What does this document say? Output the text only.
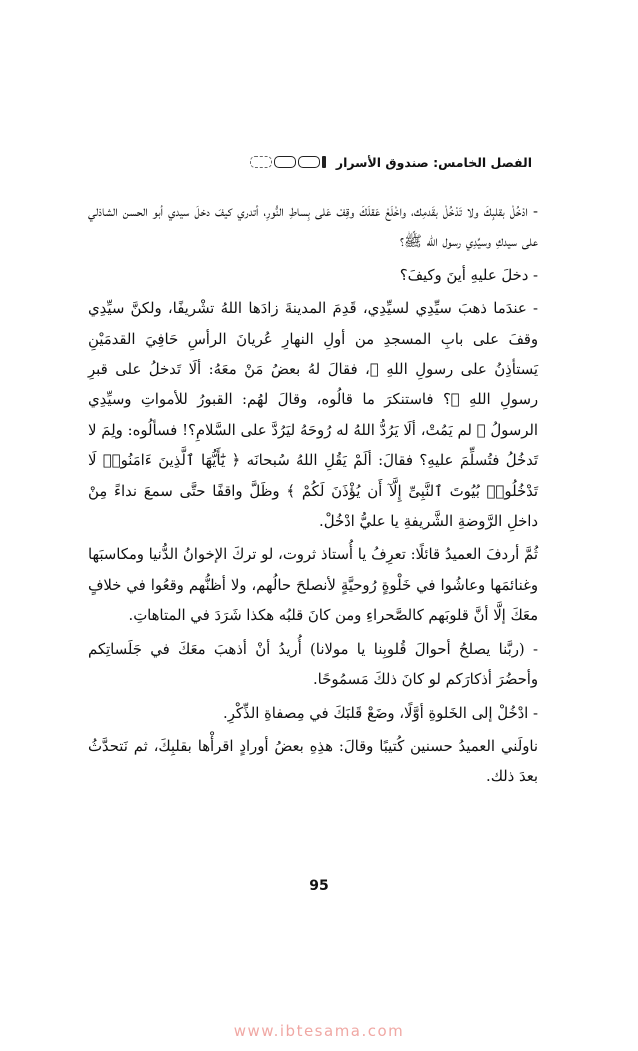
الفصل الخامس: صندوق الأسرار

- ادْخُلْ بقلبِكَ ولا تَدْخُلْ بقَدمِك، واخْلَعْ عَقلَكَ وقِفْ عَلى بِساطِ النُّورِ، أتدري كيفَ دخلَ سيدي أبو الحسن الشاذلي على سيدكِ وسيِّدِي رسول الله ﷺ؟

- دخلَ عليهِ أينَ وكيفَ؟

- عندَما ذهبَ سيِّدِي لسيِّدِي، قَدِمَ المدينةَ زادَها اللهُ تشْريفًا، ولكنَّ سيِّدِي وقفَ على بابِ المسجدِ من أولِ النهارِ عُريانَ الرأسِ حَافِيَ القدمَيْنِ يَستأذِنُ على رسولِ اللهِ ﷺ، فقالَ لهُ بعضُ مَنْ معَهُ: ألَا تَدخلُ على قبرِ رسولِ اللهِ ﷺ؟ فاستنكرَ ما قالُوه، وقالَ لهُم: القبورُ للأمواتِ وسيِّدِي الرسولُ ﷺ لم يَمُتْ، ألَا يَرُدُّ اللهُ له رُوحَهُ ليَرُدَّ على السَّلامِ؟! فسألُوه: ولِمَ لا تَدخُلُ فتُسلِّمَ عليهِ؟ فقالَ: ألَمْ يَقُلِ اللهُ سُبحانَه ﴿ يَٰٓأَيُّهَا ٱلَّذِينَ ءَامَنُوا۟ لَا تَدْخُلُوا۟ بُيُوتَ ٱلنَّبِىِّ إِلَّآ أَن يُؤْذَنَ لَكُمْ ﴾ وظَلَّ واقفًا حتَّى سمعَ نداءً مِنْ داخلِ الرَّوضةِ الشَّريفةِ يا عليُّ ادْخُلْ.

ثُمَّ أردفَ العميدُ قائلًا: تعرِفُ يا أُستاذ ثروت، لو تركَ الإخوانُ الدُّنيا ومكاسبَها وغنائمَها وعاشُوا في خَلْوةٍ رُوحيَّةٍ لأنصلحَ حالُهم، ولا أظنُّهم وقعُوا في خلافٍ معَكَ إلَّا أنَّ قلوبَهم كالصَّحراءِ ومن كانَ قلبُه هكذا شَرَدَ في المتاهاتِ.

- (ربَّنا يصلحُ أحوالَ قُلوبِنا يا مولانا) أُريدُ أنْ أذهبَ معَكَ في جَلَساتِكم وأحضُرَ أذكارَكم لو كانَ ذلكَ مَسمُوحًا.

- ادْخُلْ إلى الخَلوةِ أوَّلًا، وضَعْ قَلبَكَ في مِصفاةِ الذِّكْرِ.

ناولَني العميدُ حسنين كُتيبًا وقالَ: هذِهِ بعضُ أورادٍ اقرأْها بقلبِكَ، ثم نَتحدَّثُ بعدَ ذلك.

95
www.ibtesama.com
